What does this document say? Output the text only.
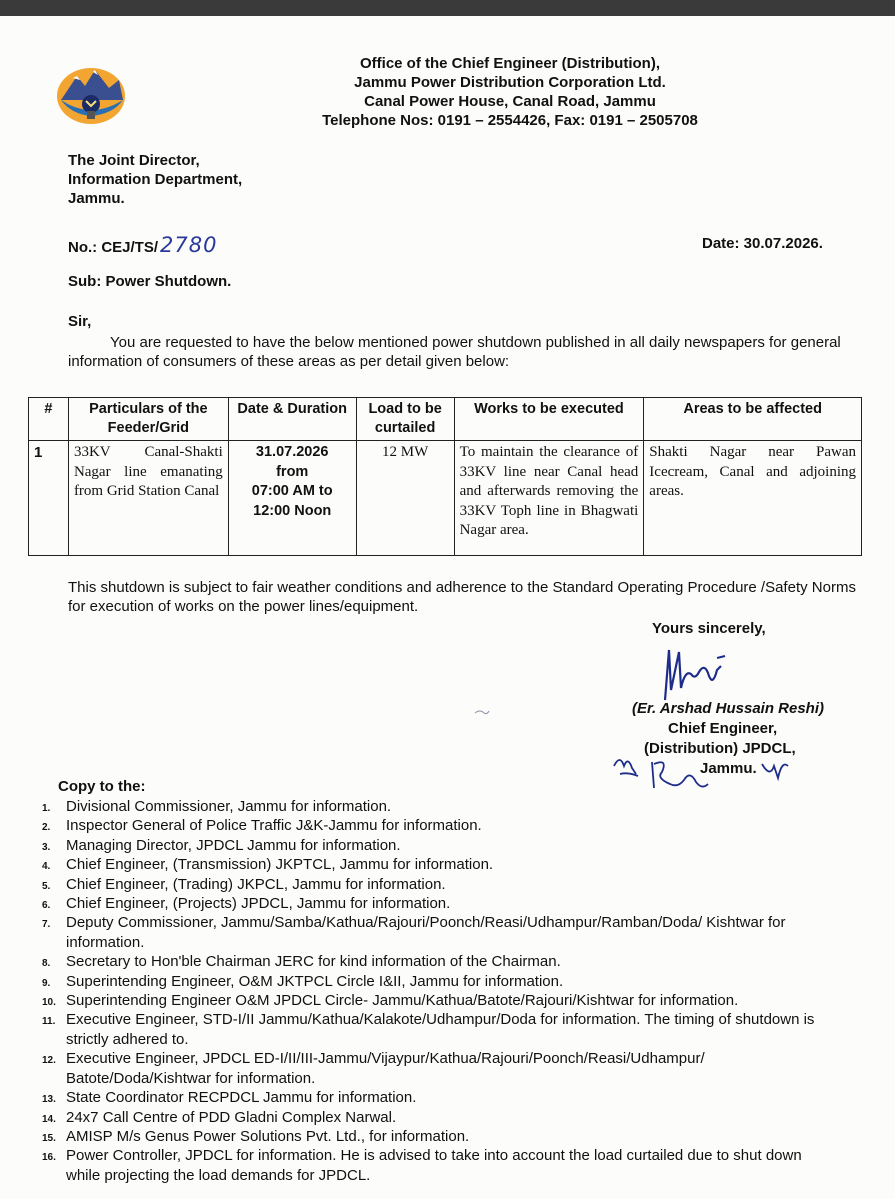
Office of the Chief Engineer (Distribution),
Jammu Power Distribution Corporation Ltd.
Canal Power House, Canal Road, Jammu
Telephone Nos: 0191 – 2554426, Fax: 0191 – 2505708
The Joint Director,
Information Department,
Jammu.
No.: CEJ/TS/ 2780	Date: 30.07.2026.
Sub: Power Shutdown.
Sir,
You are requested to have the below mentioned power shutdown published in all daily newspapers for general information of consumers of these areas as per detail given below:
#	Particulars of the Feeder/Grid	Date & Duration	Load to be curtailed	Works to be executed	Areas to be affected
1	33KV Canal-Shakti Nagar line emanating from Grid Station Canal	31.07.2026
from
07:00 AM to
12:00 Noon	12 MW	To maintain the clearance of 33KV line near Canal head and afterwards removing the 33KV Toph line in Bhagwati Nagar area.	Shakti Nagar near Pawan Icecream, Canal and adjoining areas.
This shutdown is subject to fair weather conditions and adherence to the Standard Operating Procedure /Safety Norms for execution of works on the power lines/equipment.
Yours sincerely,
(Er. Arshad Hussain Reshi)
Chief Engineer,
(Distribution) JPDCL,
Jammu.
Copy to the:
1. Divisional Commissioner, Jammu for information.
2. Inspector General of Police Traffic J&K-Jammu for information.
3. Managing Director, JPDCL Jammu for information.
4. Chief Engineer, (Transmission) JKPTCL, Jammu for information.
5. Chief Engineer, (Trading) JKPCL, Jammu for information.
6. Chief Engineer, (Projects) JPDCL, Jammu for information.
7. Deputy Commissioner, Jammu/Samba/Kathua/Rajouri/Poonch/Reasi/Udhampur/Ramban/Doda/ Kishtwar for information.
8. Secretary to Hon'ble Chairman JERC for kind information of the Chairman.
9. Superintending Engineer, O&M JKTPCL Circle I&II, Jammu for information.
10. Superintending Engineer O&M JPDCL Circle- Jammu/Kathua/Batote/Rajouri/Kishtwar for information.
11. Executive Engineer, STD-I/II Jammu/Kathua/Kalakote/Udhampur/Doda for information. The timing of shutdown is strictly adhered to.
12. Executive Engineer, JPDCL ED-I/II/III-Jammu/Vijaypur/Kathua/Rajouri/Poonch/Reasi/Udhampur/ Batote/Doda/Kishtwar for information.
13. State Coordinator RECPDCL Jammu for information.
14. 24x7 Call Centre of PDD Gladni Complex Narwal.
15. AMISP M/s Genus Power Solutions Pvt. Ltd., for information.
16. Power Controller, JPDCL for information. He is advised to take into account the load curtailed due to shut down while projecting the load demands for JPDCL.
